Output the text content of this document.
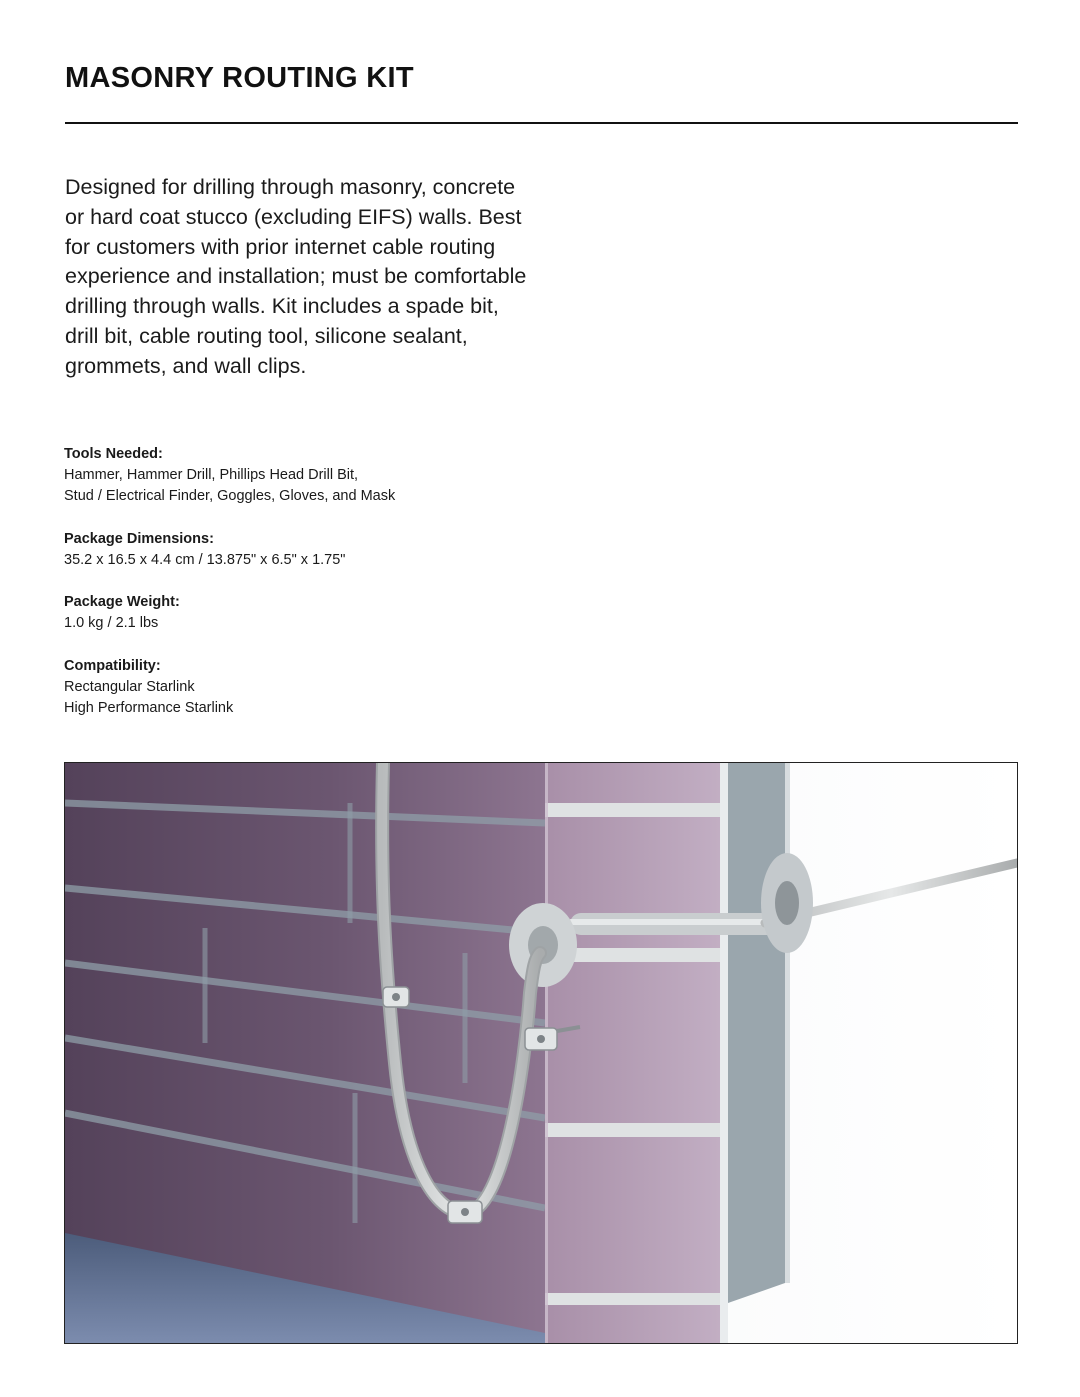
MASONRY ROUTING KIT

Designed for drilling through masonry, concrete or hard coat stucco (excluding EIFS) walls. Best for customers with prior internet cable routing experience and installation; must be comfortable drilling through walls. Kit includes a spade bit, drill bit, cable routing tool, silicone sealant, grommets, and wall clips.

Tools Needed:
Hammer, Hammer Drill, Phillips Head Drill Bit,
Stud / Electrical Finder, Goggles, Gloves, and Mask
Package Dimensions:
35.2 x 16.5 x 4.4 cm / 13.875" x 6.5" x 1.75"
Package Weight:
1.0 kg / 2.1 lbs
Compatibility:
Rectangular Starlink
High Performance Starlink
